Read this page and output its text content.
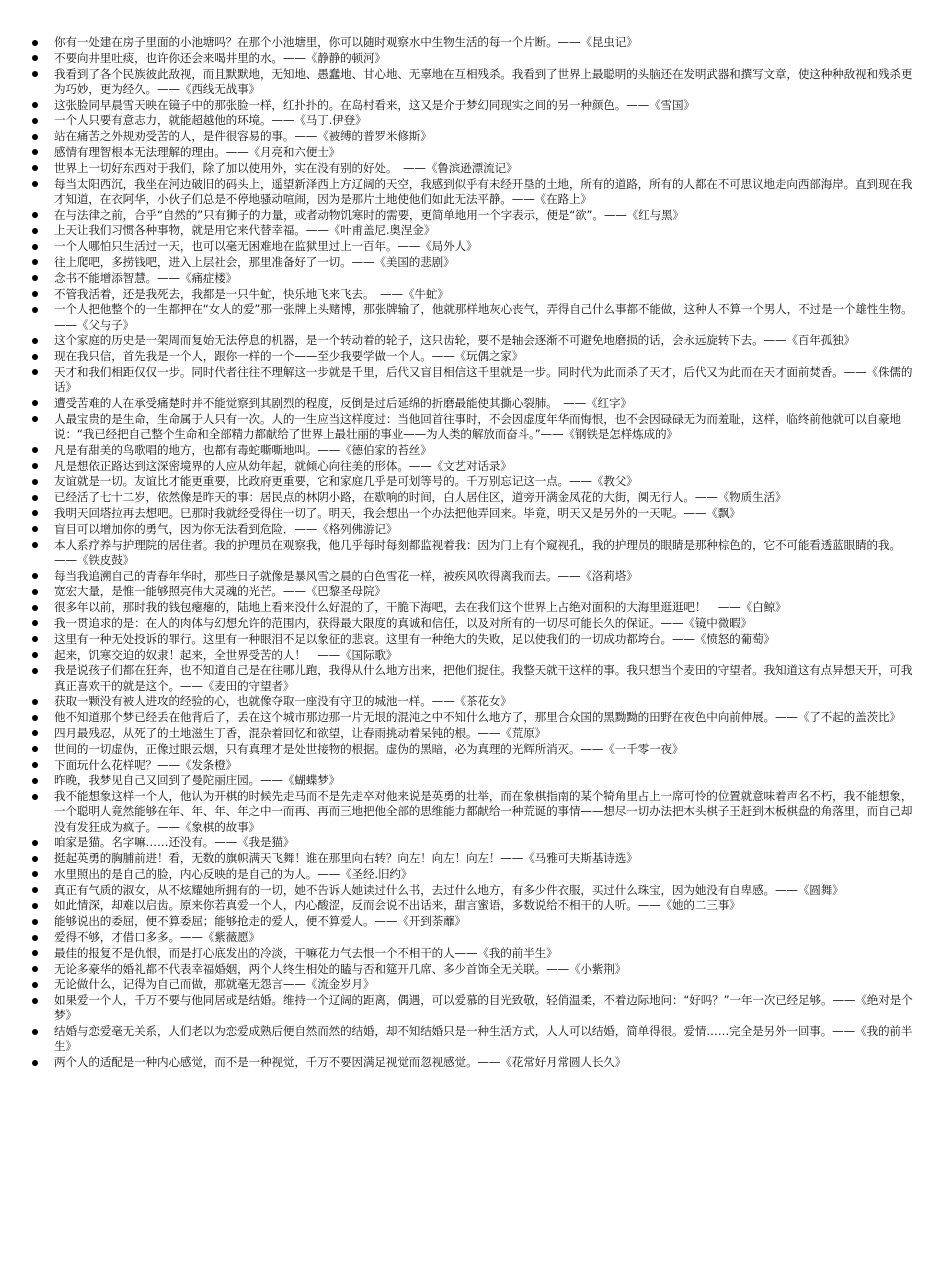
你有一处建在房子里面的小池塘吗？在那个小池塘里，你可以随时观察水中生物生活的每一个片断。——《昆虫记》
不要向井里吐痰，也许你还会来喝井里的水。——《静静的顿河》
我看到了各个民族彼此敌视，而且默默地，无知地、愚蠢地、甘心地、无辜地在互相残杀。我看到了世界上最聪明的头脑还在发明武器和撰写文章，使这种种敌视和残杀更为巧妙，更为经久。——《西线无战事》
这张脸同早晨雪天映在镜子中的那张脸一样，红扑扑的。在岛村看来，这又是介于梦幻同现实之间的另一种颜色。——《雪国》
一个人只要有意志力，就能超越他的环境。——《马丁.伊登》
站在痛苦之外规劝受苦的人，是件很容易的事。——《被缚的普罗米修斯》
感情有理智根本无法理解的理由。——《月亮和六便士》
世界上一切好东西对于我们，除了加以使用外，实在没有别的好处。　——《鲁滨逊漂流记》
每当太阳西沉，我坐在河边破旧的码头上，遥望新泽西上方辽阔的天空，我感到似乎有未经开垦的土地，所有的道路，所有的人都在不可思议地走向西部海岸。直到现在我才知道，在衣阿华，小伙子们总是不停地骚动喧闹，因为是那片土地使他们如此无法平静。——《在路上》
在与法律之前，合乎“自然的”只有狮子的力量，或者动物饥寒时的需要，更简单地用一个字表示，便是“欲”。——《红与黑》
上天让我们习惯各种事物，就是用它来代替幸福。——《叶甫盖尼.奥涅金》
一个人哪怕只生活过一天，也可以毫无困难地在监狱里过上一百年。——《局外人》
往上爬吧，多捞钱吧，进入上层社会，那里准备好了一切。——《美国的悲剧》
念书不能增添智慧。——《痛症楼》
不管我活着，还是我死去，我都是一只牛虻，快乐地飞来飞去。　——《牛虻》
一个人把他整个的一生都押在“女人的爱”那一张牌上头赌博，那张牌输了，他就那样地灰心丧气，弄得自己什么事都不能做，这种人不算一个男人，不过是一个雄性生物。——《父与子》
这个家庭的历史是一架周而复始无法停息的机器，是一个转动着的轮子，这只齿轮，要不是轴会逐渐不可避免地磨损的话，会永远旋转下去。——《百年孤独》
现在我只信，首先我是一个人，跟你一样的一个——至少我要学做一个人。——《玩偶之家》
天才和我们相距仅仅一步。同时代者往往不理解这一步就是千里，后代又盲目相信这千里就是一步。同时代为此而杀了天才，后代又为此而在天才面前焚香。——《侏儒的话》
遭受苦难的人在承受痛楚时并不能觉察到其剧烈的程度，反倒是过后延绵的折磨最能使其撕心裂肺。　——《红字》
人最宝贵的是生命，生命属于人只有一次。人的一生应当这样度过：当他回首往事时，不会因虚度年华而悔恨，也不会因碌碌无为而羞耻，这样，临终前他就可以自豪地说：“我已经把自己整个生命和全部精力都献给了世界上最壮丽的事业——为人类的解放而奋斗。”——《钢铁是怎样炼成的》
凡是有甜美的鸟歌唱的地方，也都有毒蛇嘶嘶地叫。——《德伯家的苔丝》
凡是想依正路达到这深密境界的人应从幼年起，就倾心向往美的形体。——《文艺对话录》
友谊就是一切。友谊比才能更重要，比政府更重要，它和家庭几乎是可划等号的。千万别忘记这一点。——《教父》
已经活了七十二岁，依然像是昨天的事：居民点的林阴小路，在歇响的时间，白人居住区，道旁开满金凤花的大街，阒无行人。——《物质生活》
我明天回塔拉再去想吧。巳那时我就经受得住一切了。明天，我会想出一个办法把他弄回来。毕竟，明天又是另外的一天呢。——《飘》
盲目可以增加你的勇气，因为你无法看到危险．——《格列佛游记》
本人系疗养与护理院的居住者。我的护理员在观察我，他几乎每时每刻都监视着我：因为门上有个窥视孔，我的护理员的眼睛是那种棕色的，它不可能看透蓝眼睛的我。——《铁皮鼓》
每当我追溯自己的青春年华时，那些日子就像是暴风雪之晨的白色雪花一样，被疾风吹得离我而去。——《洛莉塔》
宽宏大量，是惟一能够照亮伟大灵魂的光芒。——《巴黎圣母院》
很多年以前，那时我的钱包瘪瘪的，陆地上看来没什么好混的了，干脆下海吧，去在我们这个世界上占绝对面积的大海里逛逛吧！　——《白鲸》
我一贯追求的是：在人的肉体与幻想允许的范围内，获得最大限度的真诚和信任，以及对所有的一切尽可能长久的保证。——《镜中微暇》
这里有一种无处投诉的罪行。这里有一种眼泪不足以象征的悲哀。这里有一种绝大的失败，足以使我们的一切成功都垮台。——《愤怒的葡萄》
起来，饥寒交迫的奴隶！起来，全世界受苦的人！　——《国际歌》
我是说孩子们都在狂奔，也不知道自己是在往哪儿跑，我得从什么地方出来，把他们捉住。我整天就干这样的事。我只想当个麦田的守望者。我知道这有点异想天开，可我真正喜欢干的就是这个。——《麦田的守望者》
获取一颗没有被人进攻的经验的心，也就像夺取一座没有守卫的城池一样。——《茶花女》
他不知道那个梦已经丢在他背后了，丢在这个城市那边那一片无垠的混沌之中不知什么地方了，那里合众国的黑黝黝的田野在夜色中向前伸展。——《了不起的盖茨比》
四月最残忍，从死了的土地滋生丁香，混杂着回忆和欲望，让春雨挑动着呆钝的根。——《荒原》
世间的一切虚伪，正像过眼云烟，只有真理才是处世接物的根据。虚伪的黑暗，必为真理的光辉所消灭。——《一千零一夜》
下面玩什么花样呢？——《发条橙》
昨晚，我梦见自己又回到了曼陀丽庄园。——《蝴蝶梦》
我不能想象这样一个人，他认为开棋的时候先走马而不是先走卒对他来说是英勇的壮举，而在象棋指南的某个犄角里占上一席可怜的位置就意味着声名不朽，我不能想象，一个聪明人竟然能够在年、年、年、年之中一而再、再而三地把他全部的思维能力都献给一种荒诞的事情——想尽一切办法把木头棋子王赶到木板棋盘的角落里，而自己却没有发狂成为疯子。——《象棋的故事》
咱家是猫。名字嘛……还没有。——《我是猫》
挺起英勇的胸脯前进！看，无数的旗帜满天飞舞！谁在那里向右转？向左！向左！向左！——《马雅可夫斯基诗选》
水里照出的是自己的脸，内心反映的是自己的为人。——《圣经.旧约》
真正有气质的淑女，从不炫耀她所拥有的一切，她不告诉人她读过什么书，去过什么地方，有多少件衣服，买过什么珠宝，因为她没有自卑感。——《圆舞》
如此情深，却难以启齿。原来你若真爱一个人，内心酸涩，反而会说不出话来，甜言蜜语，多数说给不相干的人听。——《她的二三事》
能够说出的委屈，便不算委屈；能够抢走的爱人，便不算爱人。——《开到荼蘼》
爱得不够，才借口多多。——《紫薇愿》
最佳的报复不是仇恨，而是打心底发出的冷淡，干嘛花力气去恨一个不相干的人——《我的前半生》
无论多豪华的婚礼都不代表幸福婚姻，两个人终生相处的瞌与否和筵开几席、多少首饰全无关联。——《小紫荆》
无论做什么，记得为自己而做，那就毫无怨言——《流金岁月》
如果爱一个人，千万不要与他同居或是结婚。维持一个辽阔的距离，偶遇，可以爱慕的目光致敬，轻俏温柔，不着边际地问：“好吗？”一年一次已经足够。——《绝对是个梦》
结婚与恋爱毫无关系，人们老以为恋爱成熟后便自然而然的结婚，却不知结婚只是一种生活方式，人人可以结婚，简单得很。爱情……完全是另外一回事。——《我的前半生》
两个人的适配是一种内心感觉，而不是一种视觉，千万不要因满足视觉而忽视感觉。——《花常好月常圆人长久》
